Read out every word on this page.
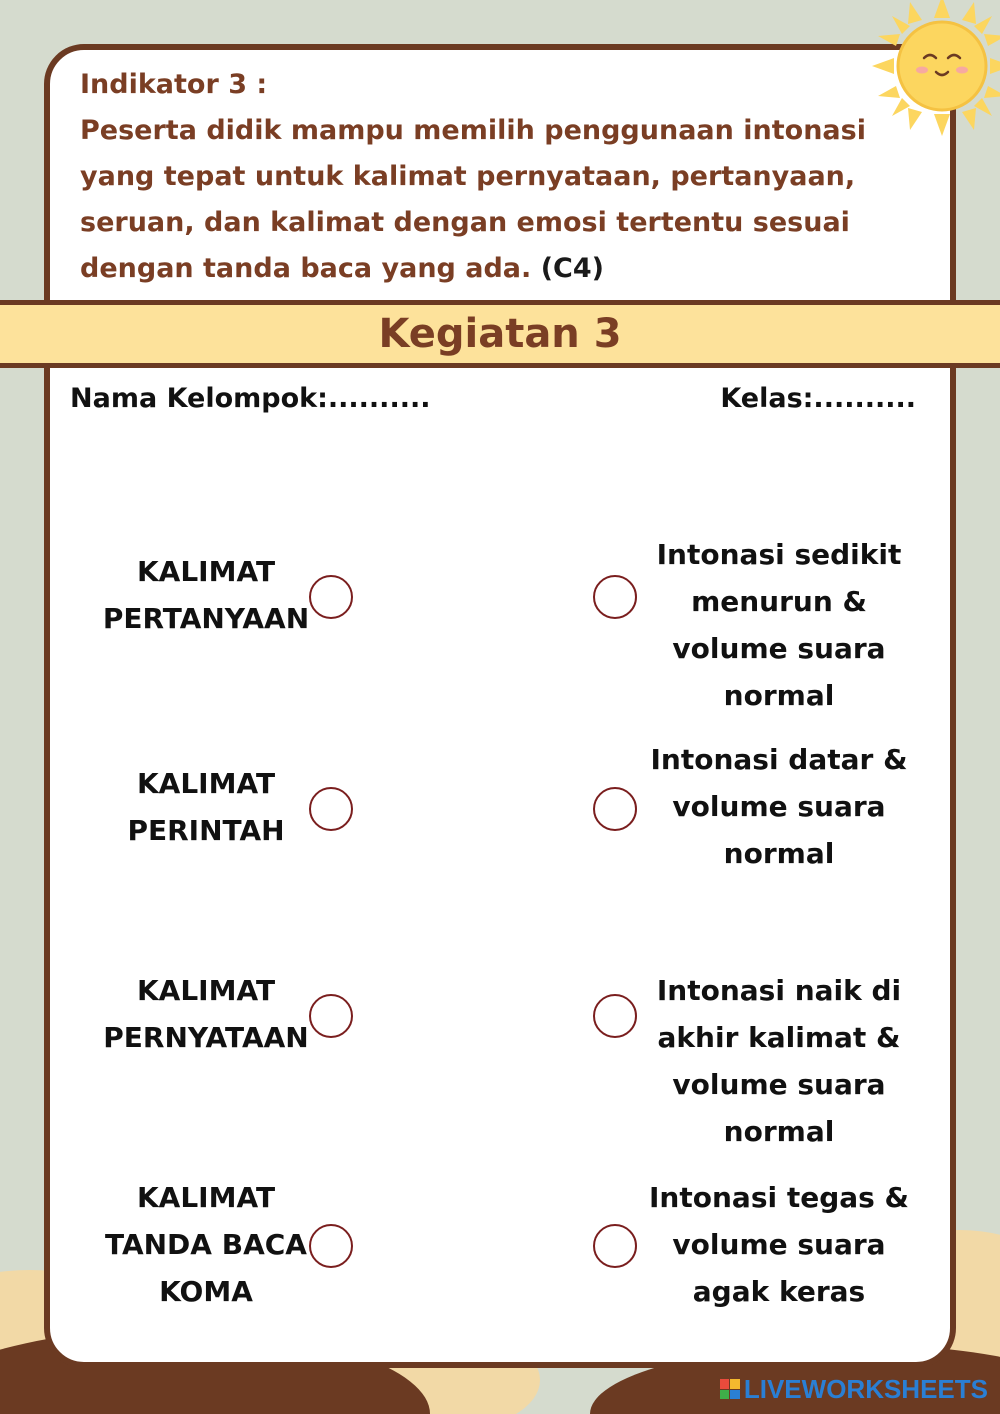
Indikator 3 :
Peserta didik mampu memilih penggunaan intonasi yang tepat untuk kalimat pernyataan, pertanyaan, seruan, dan kalimat dengan emosi tertentu sesuai dengan tanda baca yang ada. (C4)
Kegiatan 3
Nama Kelompok:..........	Kelas:..........
KALIMAT
PERTANYAAN
KALIMAT
PERINTAH
KALIMAT
PERNYATAAN
KALIMAT
TANDA BACA
KOMA
Intonasi sedikit
menurun &
volume suara
normal
Intonasi datar &
volume suara
normal
Intonasi naik di
akhir kalimat &
volume suara
normal
Intonasi tegas &
volume suara
agak keras
LIVEWORKSHEETS
